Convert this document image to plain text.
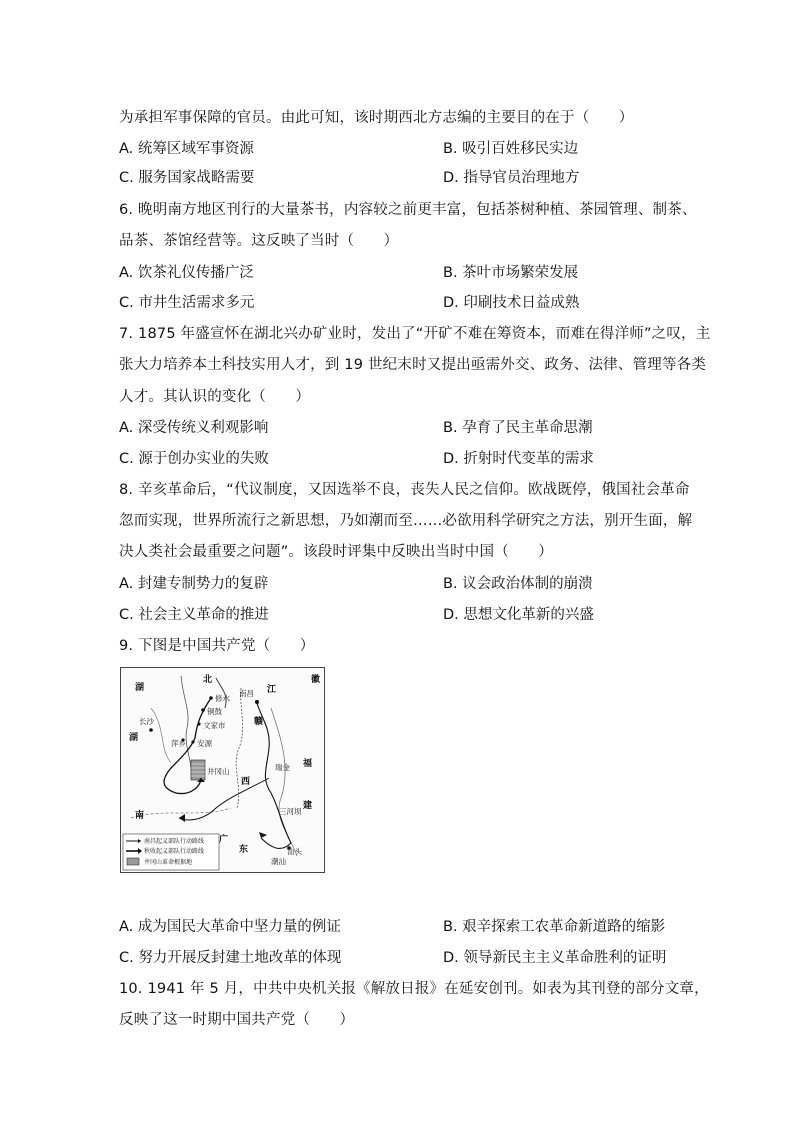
为承担军事保障的官员。由此可知，该时期西北方志编的主要目的在于（　　）
A. 统筹区域军事资源	B. 吸引百姓移民实边
C. 服务国家战略需要	D. 指导官员治理地方
6. 晚明南方地区刊行的大量茶书，内容较之前更丰富，包括茶树种植、茶园管理、制茶、
品茶、茶馆经营等。这反映了当时（　　）
A. 饮茶礼仪传播广泛	B. 茶叶市场繁荣发展
C. 市井生活需求多元	D. 印刷技术日益成熟
7. 1875 年盛宣怀在湖北兴办矿业时，发出了“开矿不难在筹资本，而难在得洋师”之叹，主
张大力培养本土科技实用人才，到 19 世纪末时又提出亟需外交、政务、法律、管理等各类
人才。其认识的变化（　　）
A. 深受传统义利观影响	B. 孕育了民主革命思潮
C. 源于创办实业的失败	D. 折射时代变革的需求
8. 辛亥革命后，“代议制度，又因选举不良，丧失人民之信仰。欧战既停，俄国社会革命
忽而实现，世界所流行之新思想，乃如潮而至……必欲用科学研究之方法，别开生面，解
决人类社会最重要之问题”。该段时评集中反映出当时中国（　　）
A. 封建专制势力的复辟	B. 议会政治体制的崩溃
C. 社会主义革命的推进	D. 思想文化革新的兴盛
9. 下图是中国共产党（　　）
湖
北
江
西
福
建
湖
南
广
东
赣
徽
修水
铜鼓
南昌
长沙	文家市
萍乡 安源
井冈山
潮汕
汕头
瑞金
三河坝
南昌起义部队行动路线
秋收起义部队行动路线
井冈山革命根据地
A. 成为国民大革命中坚力量的例证	B. 艰辛探索工农革命新道路的缩影
C. 努力开展反封建土地改革的体现	D. 领导新民主主义革命胜利的证明
10. 1941 年 5 月，中共中央机关报《解放日报》在延安创刊。如表为其刊登的部分文章，
反映了这一时期中国共产党（　　）
